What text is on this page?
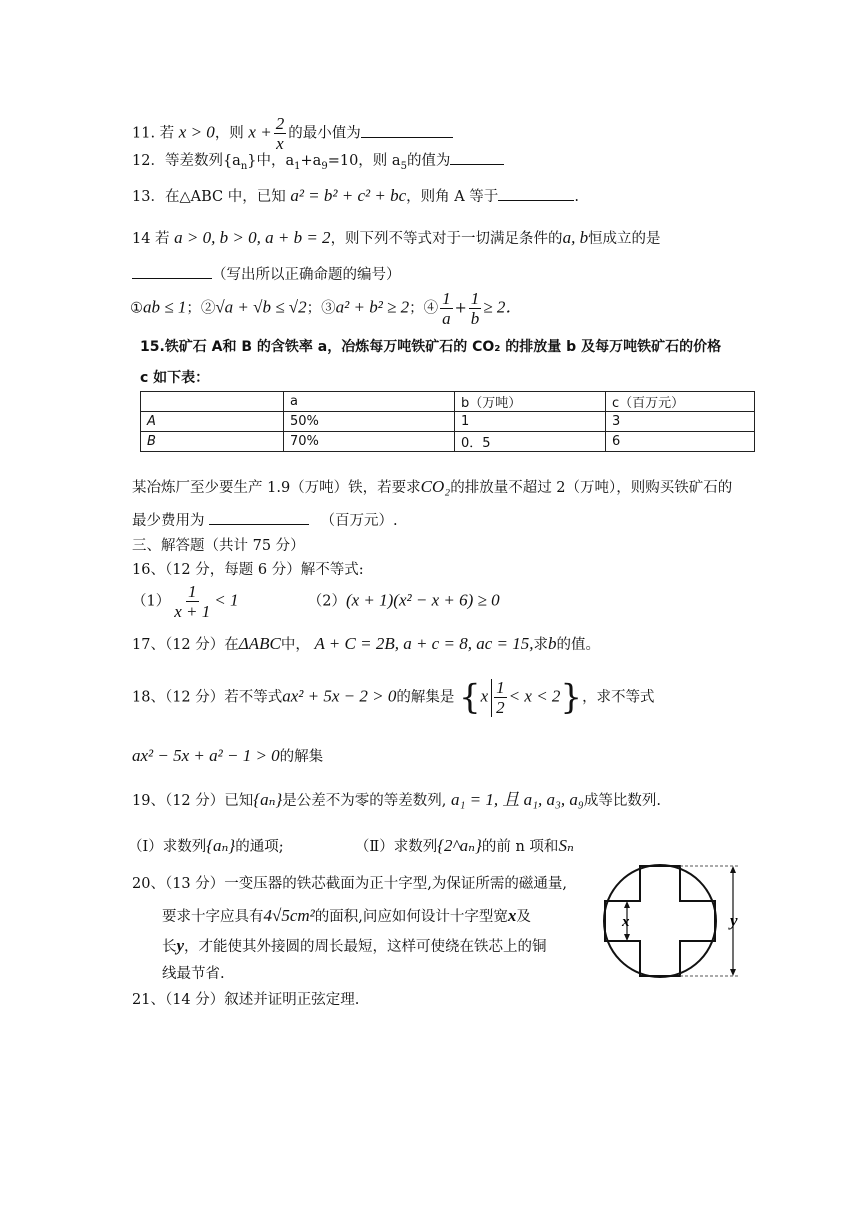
11. 若 x > 0，则 $x + \frac{2}{x}$ 的最小值为
12．等差数列$\{a_n\}$中，$a_1+a_9=10$，则 $a_5$的值为
13．在△ABC 中，已知 a² = b² + c² + bc，则角 A 等于	.
14 若 a > 0, b > 0, a + b = 2，则下列不等式对于一切满足条件的a, b恒成立的是
（写出所以正确命题的编号）
①ab ≤ 1；②√a + √b ≤ √2；③a² + b² ≥ 2；④ $\frac{1}{a} + \frac{1}{b} \ge 2$．
15.铁矿石 A和 B 的含铁率 a，冶炼每万吨铁矿石的 CO₂ 的排放量 b 及每万吨铁矿石的价格
c 如下表：
	a	b（万吨）	c（百万元）
A	50%	1	3
B	70%	0．5	6
某冶炼厂至少要生产 1.9（万吨）铁，若要求CO₂的排放量不超过 2（万吨），则购买铁矿石的
最少费用为	（百万元）.
三、解答题（共计 75 分）
16、（12 分，每题 6 分）解不等式:
$(1) \frac{1}{x + 1} < 1$	（2）(x + 1)(x² − x + 6) ≥ 0
17、（12 分）在ΔABC中， A + C = 2B, a + c = 8, ac = 15,求b的值。
18、（12 分）若不等式ax² + 5x − 2 > 0的解集是 $\{x \frac{1}{2} < x < 2\}$，求不等式
ax² − 5x + a² − 1 > 0的解集
19、（12 分）已知{aₙ}是公差不为零的等差数列, a₁ = 1, 且 a₁, a₃, a₉成等比数列.
（Ⅰ）求数列{aₙ}的通项;	（Ⅱ）求数列{2^aₙ}的前 n 项和Sₙ
20、（13 分）一变压器的铁芯截面为正十字型,为保证所需的磁通量,
要求十字应具有4√5cm²的面积,问应如何设计十字型宽x及
长y，才能使其外接圆的周长最短，这样可使绕在铁芯上的铜
线最节省.
x	y
21、（14 分）叙述并证明正弦定理.
